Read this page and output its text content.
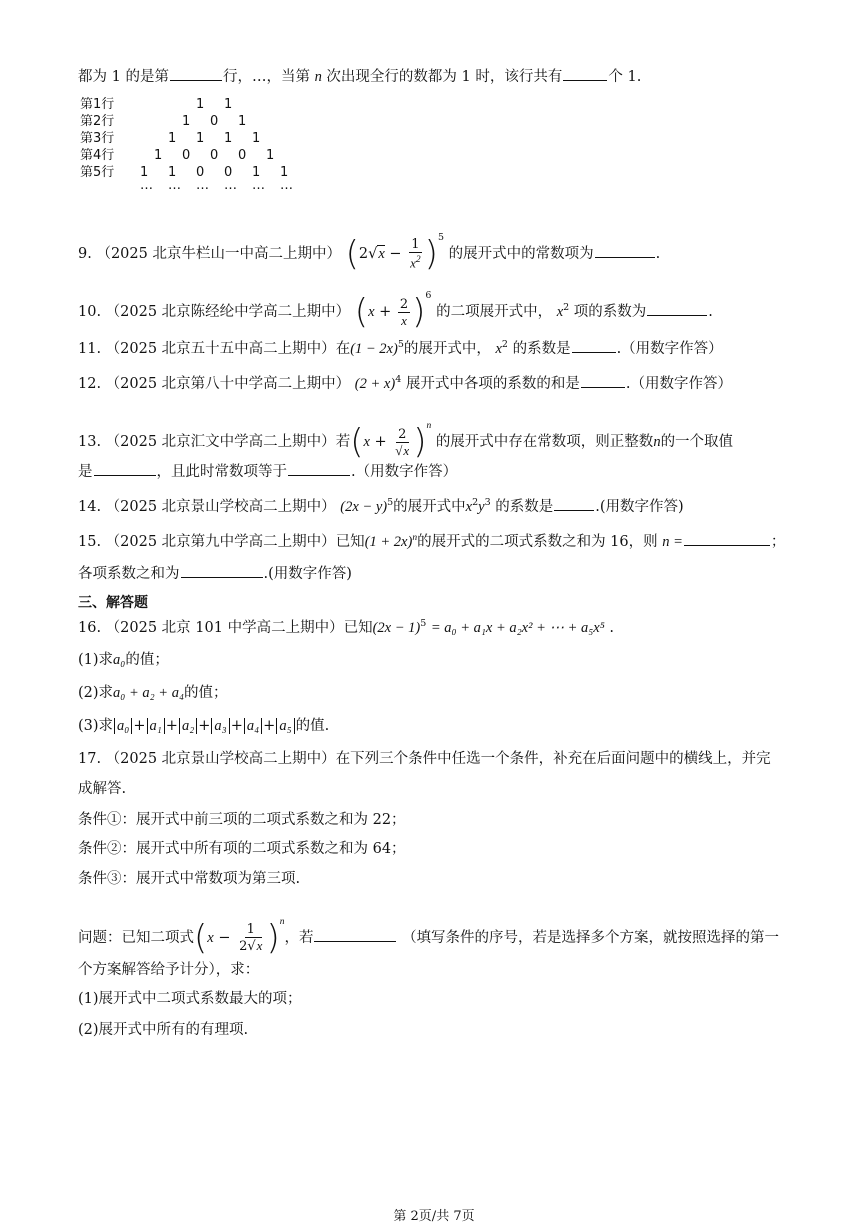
都为 1 的是第	行，…，当第 n 次出现全行的数都为 1 时，该行共有	个 1.
第1行	1 1
第2行	1 0 1
第3行	1 1 1 1
第4行	1 0 0 0 1
第5行 1 1 0 0 1 1
… … … … … …
9. （2025 北京牛栏山一中高二上期中） $(2√x - \frac{1}{x^2} )^5$ 的展开式中的常数项为	.
10. （2025 北京陈经纶中学高二上期中） $(x + \frac{2}{x} )^6$ 的二项展开式中， $x^2$ 项的系数为	.
11. （2025 北京五十五中高二上期中）在$(1 - 2x)^5$的展开式中， $x^2$ 的系数是	.（用数字作答）
12. （2025 北京第八十中学高二上期中） $(2 + x)^4$ 展开式中各项的系数的和是	.（用数字作答）
13. （2025 北京汇文中学高二上期中）若$(x + \frac{2}{√x} )^n$ 的展开式中存在常数项，则正整数n的一个取值
是	，且此时常数项等于	.（用数字作答）
14. （2025 北京景山学校高二上期中） $(2x - y)^5$的展开式中$x^2y^3$ 的系数是	.(用数字作答)
15. （2025 北京第九中学高二上期中）已知$(1 + 2x)^n$的展开式的二项式系数之和为 16，则 n =	；
各项系数之和为	.(用数字作答)
三、解答题
16. （2025 北京 101 中学高二上期中）已知$(2x - 1)^5 = a_0 + a_1x + a_2x^2$ + ⋯ + a₅x⁵ .
(1)求a₀的值；
(2)求a₀ + a₂ + a₄的值；
(3)求 a₀ + a₁ + a₂ + a₃ + a₄ + a₅ 的值.
17. （2025 北京景山学校高二上期中）在下列三个条件中任选一个条件，补充在后面问题中的横线上，并完
成解答.
条件①：展开式中前三项的二项式系数之和为 22；
条件②：展开式中所有项的二项式系数之和为 64；
条件③：展开式中常数项为第三项.
问题：已知二项式$(x - \frac{1}{2√x} )^n$，若	（填写条件的序号，若是选择多个方案，就按照选择的第一
个方案解答给予计分），求：
(1)展开式中二项式系数最大的项；
(2)展开式中所有的有理项.
第 2页/共 7页
